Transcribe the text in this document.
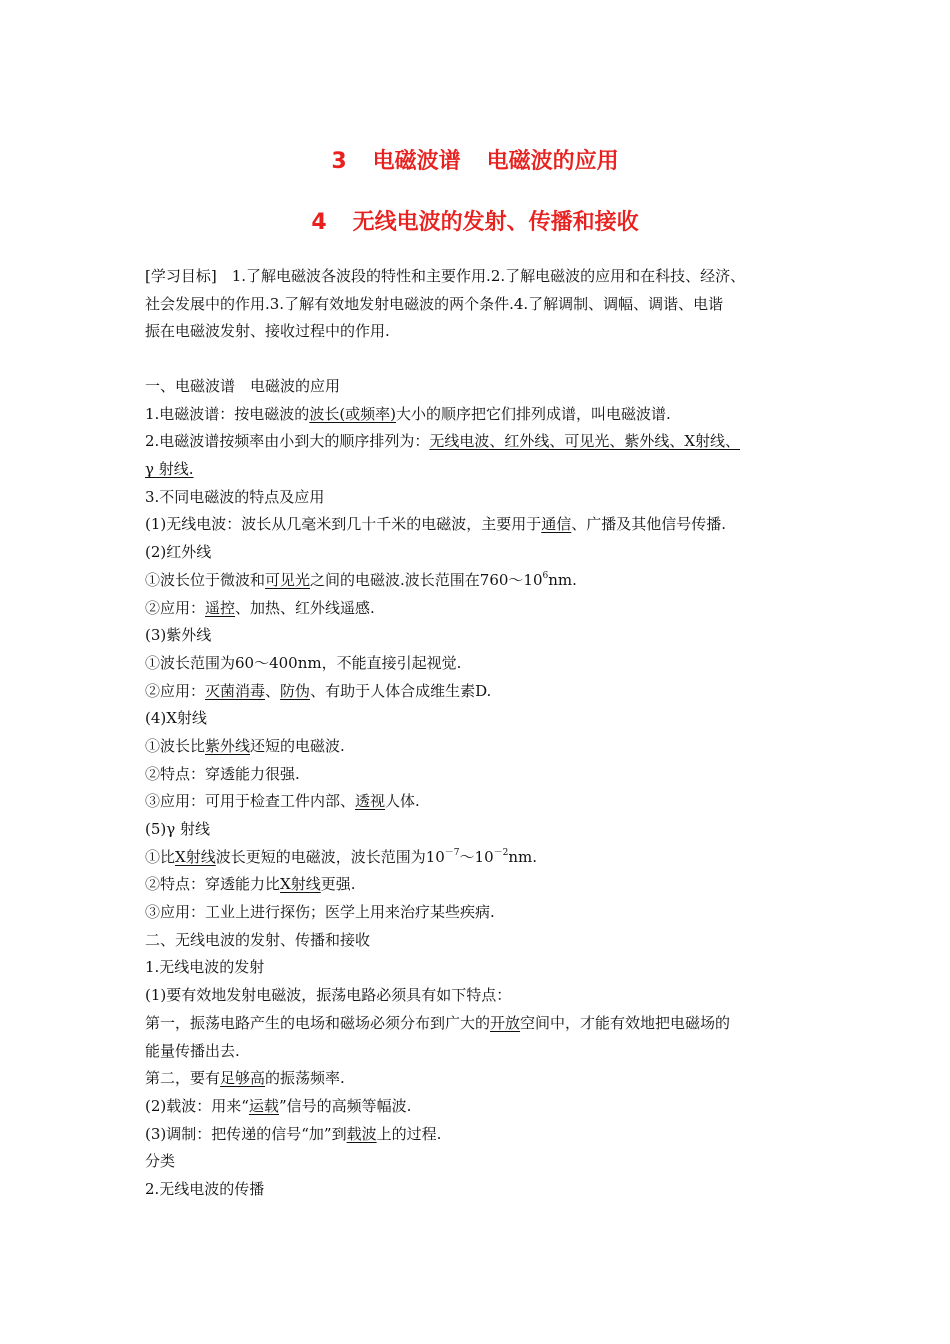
3 电磁波谱 电磁波的应用
4 无线电波的发射、传播和接收
[学习目标]　 1.了解电磁波各波段的特性和主要作用.2.了解电磁波的应用和在科技、经济、
社会发展中的作用.3.了解有效地发射电磁波的两个条件.4.了解调制、调幅、调谐、电谐
振在电磁波发射、接收过程中的作用.
一、电磁波谱　电磁波的应用
1.电磁波谱：按电磁波的波长(或频率)大小的顺序把它们排列成谱，叫电磁波谱.
2.电磁波谱按频率由小到大的顺序排列为：无线电波、红外线、可见光、紫外线、X射线、
γ 射线.
3.不同电磁波的特点及应用
(1)无线电波：波长从几毫米到几十千米的电磁波，主要用于通信、广播及其他信号传播.
(2)红外线
①波长位于微波和可见光之间的电磁波.波长范围在$760\sim 10^6nm$.
②应用：遥控、加热、红外线遥感.
(3)紫外线
①波长范围为60～400nm，不能直接引起视觉.
②应用：灭菌消毒、防伪、有助于人体合成维生素D.
(4)X射线
①波长比紫外线还短的电磁波.
②特点：穿透能力很强.
③应用：可用于检查工件内部、透视人体.
(5)γ 射线
①比X射线波长更短的电磁波，波长范围为$10^{-7}\sim 10^{-2}nm$.
②特点：穿透能力比X射线更强.
③应用：工业上进行探伤；医学上用来治疗某些疾病.
二、无线电波的发射、传播和接收
1.无线电波的发射
(1)要有效地发射电磁波，振荡电路必须具有如下特点：
第一，振荡电路产生的电场和磁场必须分布到广大的开放空间中，才能有效地把电磁场的
能量传播出去.
第二，要有足够高的振荡频率.
(2)载波：用来“运载”信号的高频等幅波.
(3)调制：把传递的信号“加”到载波上的过程.
分类
2.无线电波的传播
